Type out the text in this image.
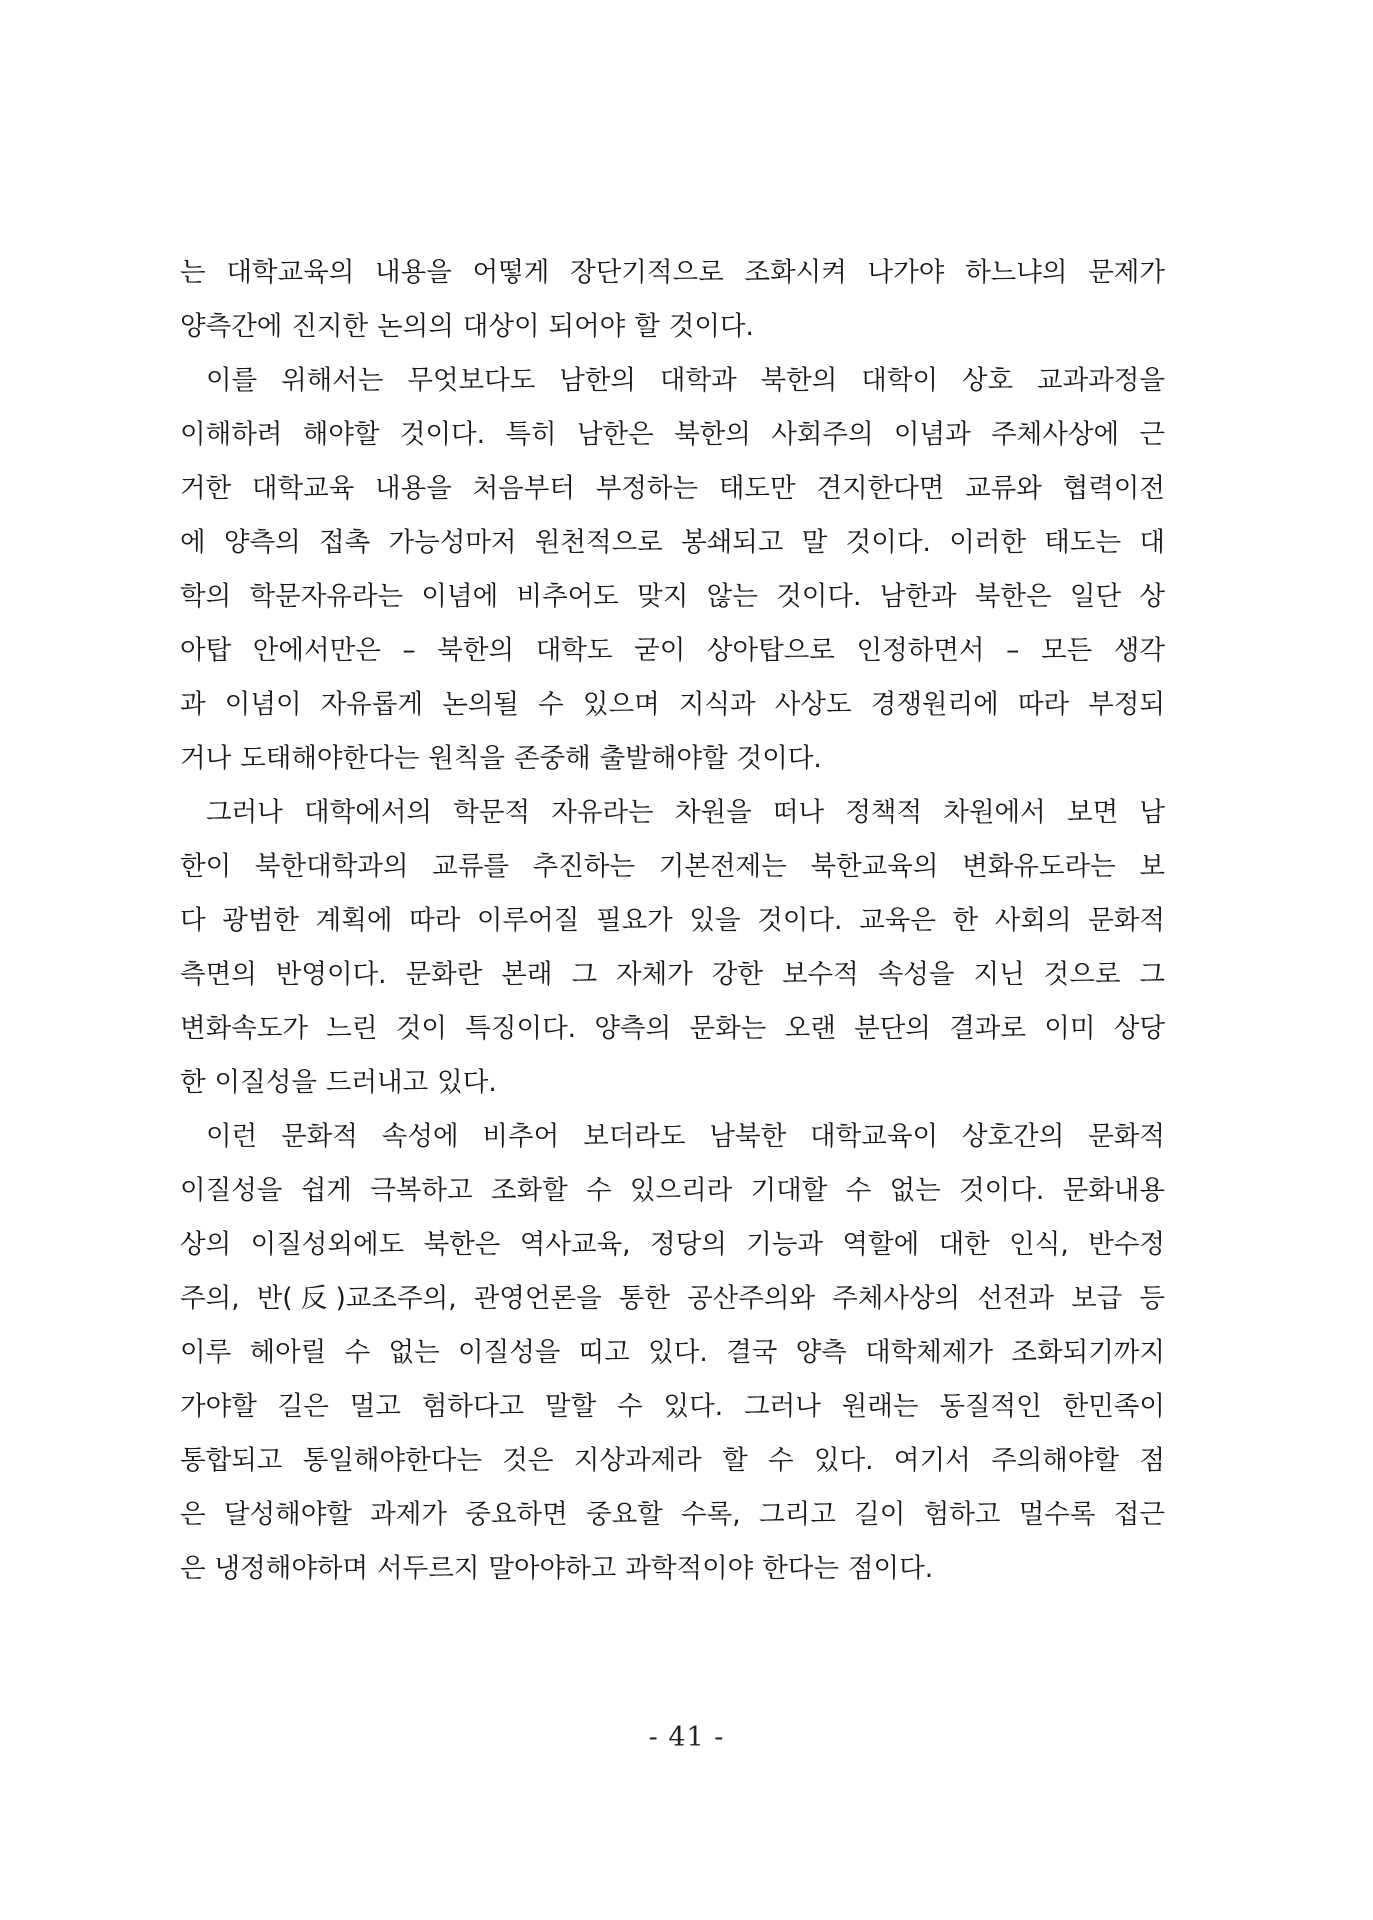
는 대학교육의 내용을 어떻게 장단기적으로 조화시켜 나가야 하느냐의 문제가
양측간에 진지한 논의의 대상이 되어야 할 것이다.
이를 위해서는 무엇보다도 남한의 대학과 북한의 대학이 상호 교과과정을
이해하려 해야할 것이다. 특히 남한은 북한의 사회주의 이념과 주체사상에 근
거한 대학교육 내용을 처음부터 부정하는 태도만 견지한다면 교류와 협력이전
에 양측의 접촉 가능성마저 원천적으로 봉쇄되고 말 것이다. 이러한 태도는 대
학의 학문자유라는 이념에 비추어도 맞지 않는 것이다. 남한과 북한은 일단 상
아탑 안에서만은 – 북한의 대학도 굳이 상아탑으로 인정하면서 – 모든 생각
과 이념이 자유롭게 논의될 수 있으며 지식과 사상도 경쟁원리에 따라 부정되
거나 도태해야한다는 원칙을 존중해 출발해야할 것이다.
그러나 대학에서의 학문적 자유라는 차원을 떠나 정책적 차원에서 보면 남
한이 북한대학과의 교류를 추진하는 기본전제는 북한교육의 변화유도라는 보
다 광범한 계획에 따라 이루어질 필요가 있을 것이다. 교육은 한 사회의 문화적
측면의 반영이다. 문화란 본래 그 자체가 강한 보수적 속성을 지닌 것으로 그
변화속도가 느린 것이 특징이다. 양측의 문화는 오랜 분단의 결과로 이미 상당
한 이질성을 드러내고 있다.
이런 문화적 속성에 비추어 보더라도 남북한 대학교육이 상호간의 문화적
이질성을 쉽게 극복하고 조화할 수 있으리라 기대할 수 없는 것이다. 문화내용
상의 이질성외에도 북한은 역사교육, 정당의 기능과 역할에 대한 인식, 반수정
주의, 반(反)교조주의, 관영언론을 통한 공산주의와 주체사상의 선전과 보급 등
이루 헤아릴 수 없는 이질성을 띠고 있다. 결국 양측 대학체제가 조화되기까지
가야할 길은 멀고 험하다고 말할 수 있다. 그러나 원래는 동질적인 한민족이
통합되고 통일해야한다는 것은 지상과제라 할 수 있다. 여기서 주의해야할 점
은 달성해야할 과제가 중요하면 중요할 수록, 그리고 길이 험하고 멀수록 접근
은 냉정해야하며 서두르지 말아야하고 과학적이야 한다는 점이다.
- 41 -
